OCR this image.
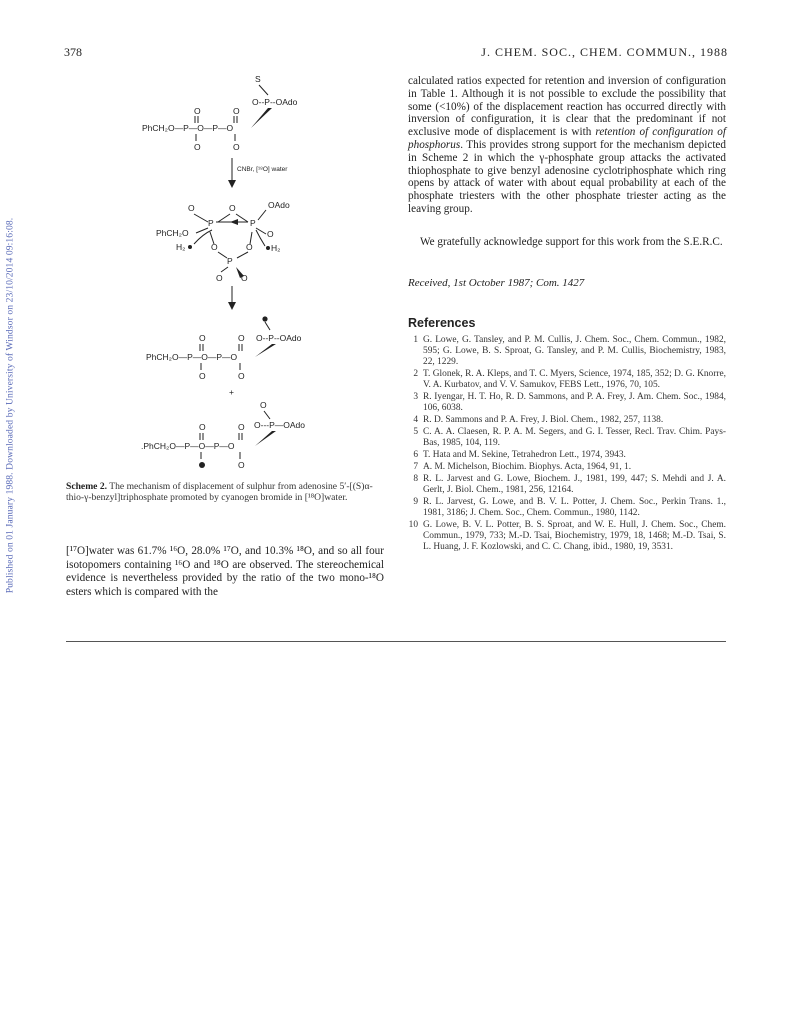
Published on 01 January 1988. Downloaded by University of Windsor on 23/10/2014 09:16:08.
378	J. CHEM. SOC., CHEM. COMMUN., 1988
S
O--P--OAdo
O	O
PhCH₂O—P—O—P—O
O	O
CNBr, [¹⁸O] water
O	O	OAdo
P	P
PhCH₂O	O
H₂	O	O
P
H₂
O O
O--P--OAdo
O	O
PhCH₂O—P—O—P—O
O	O
+
O
O---P—OAdo
O	O
.PhCH₂O—P—O—P—O
O
Scheme 2. The mechanism of displacement of sulphur from adenosine 5′-[(S)α-thio-γ-benzyl]triphosphate promoted by cyanogen bromide in [¹⁸O]water.
[¹⁷O]water was 61.7% ¹⁶O, 28.0% ¹⁷O, and 10.3% ¹⁸O, and so all four isotopomers containing ¹⁶O and ¹⁸O are observed. The stereochemical evidence is nevertheless provided by the ratio of the two mono-¹⁸O esters which is compared with the
calculated ratios expected for retention and inversion of configuration in Table 1. Although it is not possible to exclude the possibility that some (<10%) of the displacement reaction has occurred directly with inversion of configuration, it is clear that the predominant if not exclusive mode of displacement is with retention of configuration of phosphorus. This provides strong support for the mechanism depicted in Scheme 2 in which the γ-phosphate group attacks the activated thiophosphate to give benzyl adenosine cyclotriphosphate which ring opens by attack of water with about equal probability at each of the phosphate triesters with the other phosphate triester acting as the leaving group.
We gratefully acknowledge support for this work from the S.E.R.C.
Received, 1st October 1987; Com. 1427
References
1 G. Lowe, G. Tansley, and P. M. Cullis, J. Chem. Soc., Chem. Commun., 1982, 595; G. Lowe, B. S. Sproat, G. Tansley, and P. M. Cullis, Biochemistry, 1983, 22, 1229.
2 T. Glonek, R. A. Kleps, and T. C. Myers, Science, 1974, 185, 352; D. G. Knorre, V. A. Kurbatov, and V. V. Samukov, FEBS Lett., 1976, 70, 105.
3 R. Iyengar, H. T. Ho, R. D. Sammons, and P. A. Frey, J. Am. Chem. Soc., 1984, 106, 6038.
4 R. D. Sammons and P. A. Frey, J. Biol. Chem., 1982, 257, 1138.
5 C. A. A. Claesen, R. P. A. M. Segers, and G. I. Tesser, Recl. Trav. Chim. Pays-Bas, 1985, 104, 119.
6 T. Hata and M. Sekine, Tetrahedron Lett., 1974, 3943.
7 A. M. Michelson, Biochim. Biophys. Acta, 1964, 91, 1.
8 R. L. Jarvest and G. Lowe, Biochem. J., 1981, 199, 447; S. Mehdi and J. A. Gerlt, J. Biol. Chem., 1981, 256, 12164.
9 R. L. Jarvest, G. Lowe, and B. V. L. Potter, J. Chem. Soc., Perkin Trans. 1., 1981, 3186; J. Chem. Soc., Chem. Commun., 1980, 1142.
10 G. Lowe, B. V. L. Potter, B. S. Sproat, and W. E. Hull, J. Chem. Soc., Chem. Commun., 1979, 733; M.-D. Tsai, Biochemistry, 1979, 18, 1468; M.-D. Tsai, S. L. Huang, J. F. Kozlowski, and C. C. Chang, ibid., 1980, 19, 3531.
